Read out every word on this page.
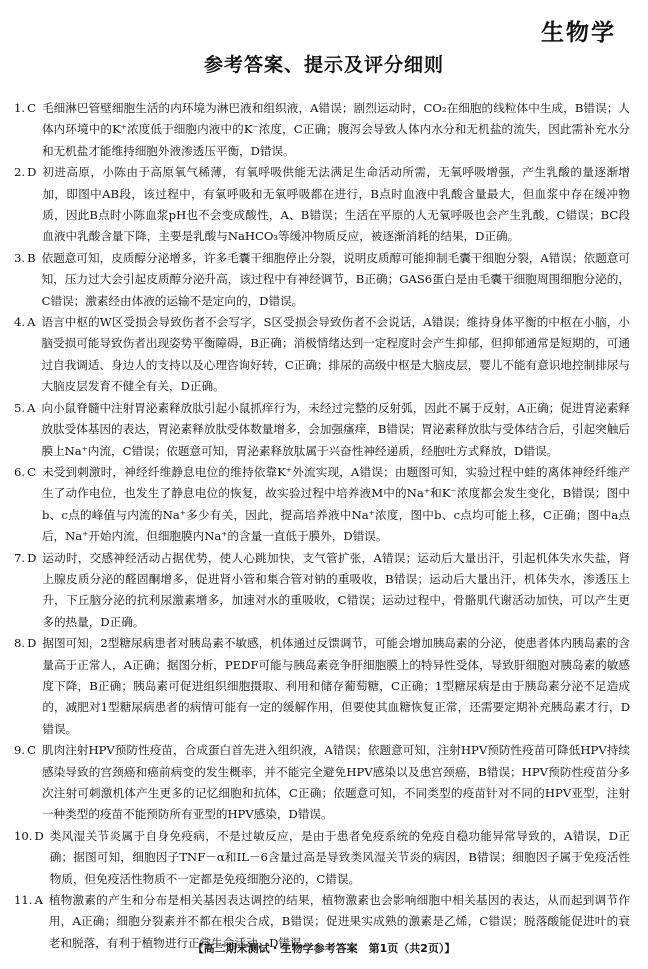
生物学
参考答案、提示及评分细则
1. C 毛细淋巴管壁细胞生活的内环境为淋巴液和组织液，A错误；剧烈运动时，CO₂在细胞的线粒体中生成，B错误；人体内环境中的K⁺浓度低于细胞内液中的K⁻浓度，C正确；腹泻会导致人体内水分和无机盐的流失，因此需补充水分和无机盐才能维持细胞外液渗透压平衡，D错误。
2. D 初进高原，小陈由于高原氧气稀薄，有氧呼吸供能无法满足生命活动所需，无氧呼吸增强，产生乳酸的量逐渐增加，即图中AB段，该过程中，有氧呼吸和无氧呼吸都在进行，B点时血液中乳酸含量最大，但血浆中存在缓冲物质，因此B点时小陈血浆pH也不会变成酸性，A、B错误；生活在平原的人无氧呼吸也会产生乳酸，C错误；BC段血液中乳酸含量下降，主要是乳酸与NaHCO₃等缓冲物质反应，被逐渐消耗的结果，D正确。
3. B 依题意可知，皮质醇分泌增多，许多毛囊干细胞停止分裂，说明皮质醇可能抑制毛囊干细胞分裂，A错误；依题意可知，压力过大会引起皮质醇分泌升高，该过程中有神经调节，B正确；GAS6蛋白是由毛囊干细胞周围细胞分泌的，C错误；激素经由体液的运输不是定向的，D错误。
4. A 语言中枢的W区受损会导致伤者不会写字，S区受损会导致伤者不会说话，A错误；维持身体平衡的中枢在小脑，小脑受损可能导致伤者出现姿势平衡障碍，B正确；消极情绪达到一定程度时会产生抑郁，但抑郁通常是短期的，可通过自我调适、身边人的支持以及心理咨询好转，C正确；排尿的高级中枢是大脑皮层，婴儿不能有意识地控制排尿与大脑皮层发育不健全有关，D正确。
5. A 向小鼠脊髓中注射胃泌素释放肽引起小鼠抓痒行为，未经过完整的反射弧，因此不属于反射，A正确；促进胃泌素释放肽受体基因的表达，胃泌素释放肽受体数量增多，会加强瘙痒，B错误；胃泌素释放肽与受体结合后，引起突触后膜上Na⁺内流，C错误；依题意可知，胃泌素释放肽属于兴奋性神经递质，经胞吐方式释放，D错误。
6. C 未受到刺激时，神经纤维静息电位的维持依靠K⁺外流实现，A错误；由题图可知，实验过程中蛙的离体神经纤维产生了动作电位，也发生了静息电位的恢复，故实验过程中培养液M中的Na⁺和K⁻浓度都会发生变化，B错误；图中b、c点的峰值与内流的Na⁺多少有关，因此，提高培养液中Na⁺浓度，图中b、c点均可能上移，C正确；图中a点后，Na⁺开始内流，但细胞膜内Na⁺的含量一直低于膜外，D错误。
7. D 运动时，交感神经活动占据优势，使人心跳加快，支气管扩张，A错误；运动后大量出汗，引起机体失水失盐，肾上腺皮质分泌的醛固酮增多，促进肾小管和集合管对钠的重吸收，B错误；运动后大量出汗，机体失水，渗透压上升，下丘脑分泌的抗利尿激素增多，加速对水的重吸收，C错误；运动过程中，骨骼肌代谢活动加快，可以产生更多的热量，D正确。
8. D 据图可知，2型糖尿病患者对胰岛素不敏感，机体通过反馈调节，可能会增加胰岛素的分泌，使患者体内胰岛素的含量高于正常人，A正确；据图分析，PEDF可能与胰岛素竞争肝细胞膜上的特异性受体，导致肝细胞对胰岛素的敏感度下降，B正确；胰岛素可促进组织细胞摄取、利用和储存葡萄糖，C正确；1型糖尿病是由于胰岛素分泌不足造成的，减肥对1型糖尿病患者的病情可能有一定的缓解作用，但要使其血糖恢复正常，还需要定期补充胰岛素才行，D错误。
9. C 肌肉注射HPV预防性疫苗，合成蛋白首先进入组织液，A错误；依题意可知，注射HPV预防性疫苗可降低HPV持续感染导致的宫颈癌和癌前病变的发生概率，并不能完全避免HPV感染以及患宫颈癌，B错误；HPV预防性疫苗分多次注射可刺激机体产生更多的记忆细胞和抗体，C正确；依题意可知，不同类型的疫苗针对不同的HPV亚型，注射一种类型的疫苗不能预防所有亚型的HPV感染，D错误。
10. D 类风湿关节炎属于自身免疫病，不是过敏反应，是由于患者免疫系统的免疫自稳功能异常导致的，A错误，D正确；据图可知，细胞因子TNF－α和IL－6含量过高是导致类风湿关节炎的病因，B错误；细胞因子属于免疫活性物质，但免疫活性物质不一定都是免疫细胞分泌的，C错误。
11. A 植物激素的产生和分布是相关基因表达调控的结果，植物激素也会影响细胞中相关基因的表达，从而起到调节作用，A正确；细胞分裂素并不都在根尖合成，B错误；促进果实成熟的激素是乙烯，C错误；脱落酸能促进叶的衰老和脱落，有利于植物进行正常生命活动，D错误。
【高二期末测试・生物学参考答案　第1页（共2页）】
